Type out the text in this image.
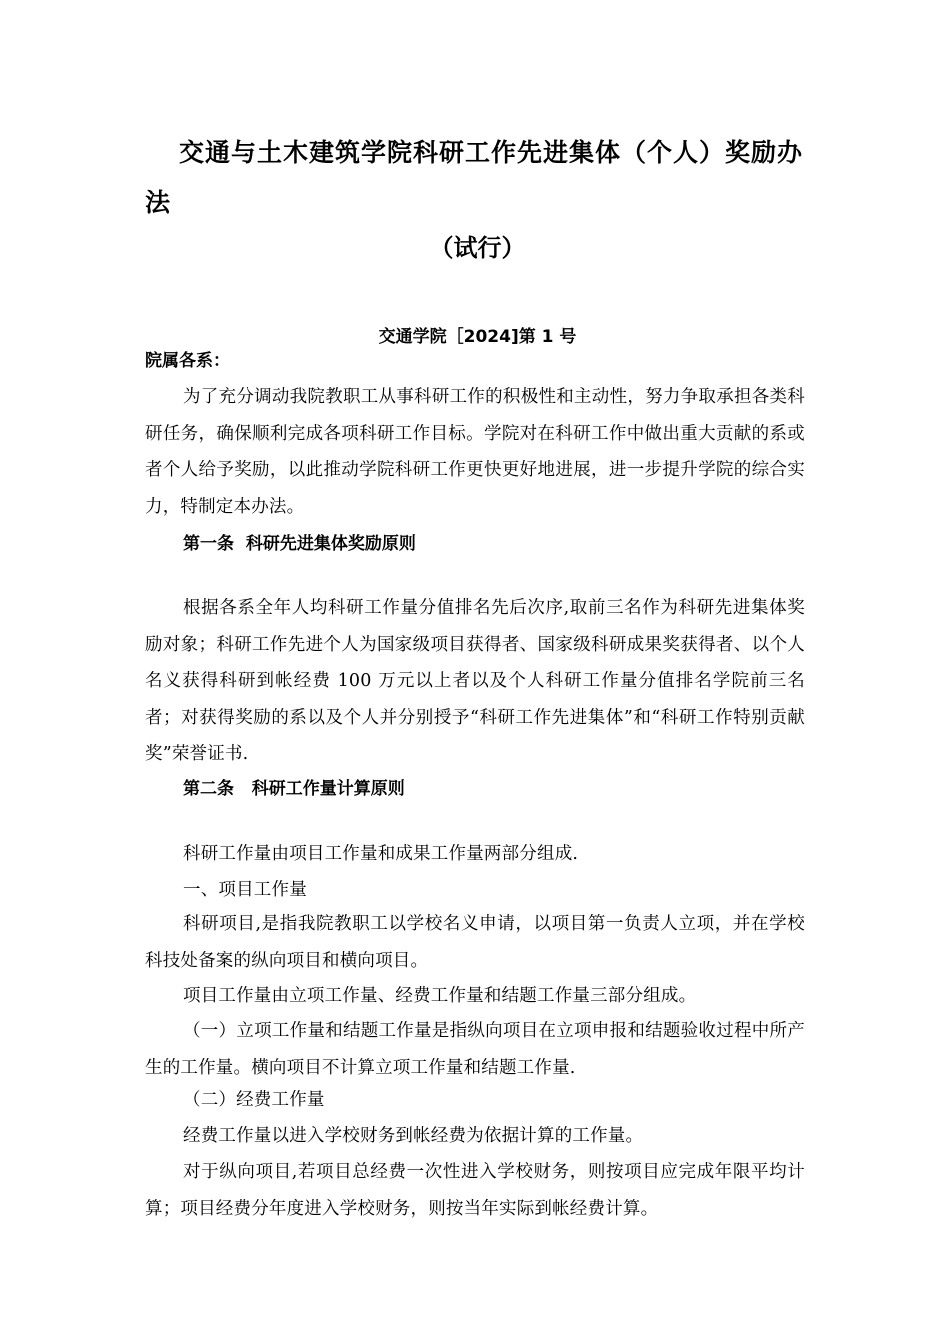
交通与土木建筑学院科研工作先进集体（个人）奖励办法
（试行）
交通学院［2024]第 1 号
院属各系：
为了充分调动我院教职工从事科研工作的积极性和主动性，努力争取承担各类科研任务，确保顺利完成各项科研工作目标。学院对在科研工作中做出重大贡献的系或者个人给予奖励，以此推动学院科研工作更快更好地进展，进一步提升学院的综合实力，特制定本办法。
第一条  科研先进集体奖励原则
根据各系全年人均科研工作量分值排名先后次序,取前三名作为科研先进集体奖励对象；科研工作先进个人为国家级项目获得者、国家级科研成果奖获得者、以个人名义获得科研到帐经费 100 万元以上者以及个人科研工作量分值排名学院前三名者；对获得奖励的系以及个人并分别授予“科研工作先进集体”和“科研工作特别贡献奖”荣誉证书.
第二条   科研工作量计算原则
科研工作量由项目工作量和成果工作量两部分组成.
一、项目工作量
科研项目,是指我院教职工以学校名义申请，以项目第一负责人立项，并在学校科技处备案的纵向项目和横向项目。
项目工作量由立项工作量、经费工作量和结题工作量三部分组成。
（一）立项工作量和结题工作量是指纵向项目在立项申报和结题验收过程中所产生的工作量。横向项目不计算立项工作量和结题工作量.
（二）经费工作量
经费工作量以进入学校财务到帐经费为依据计算的工作量。
对于纵向项目,若项目总经费一次性进入学校财务，则按项目应完成年限平均计算；项目经费分年度进入学校财务，则按当年实际到帐经费计算。
